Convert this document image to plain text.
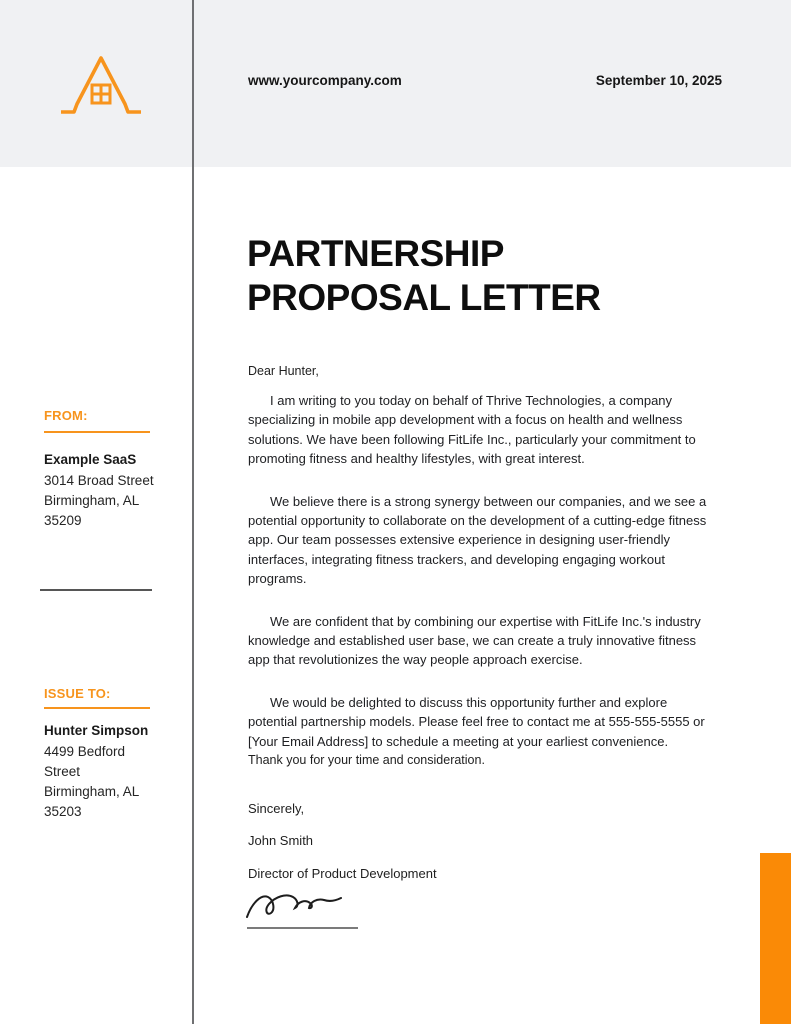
www.yourcompany.com	September 10, 2025
FROM:
Example SaaS
3014 Broad Street
Birmingham, AL
35209
ISSUE TO:
Hunter Simpson
4499 Bedford
Street
Birmingham, AL
35203
PARTNERSHIP
PROPOSAL LETTER
Dear Hunter,

I am writing to you today on behalf of Thrive Technologies, a company specializing in mobile app development with a focus on health and wellness solutions. We have been following FitLife Inc., particularly your commitment to promoting fitness and healthy lifestyles, with great interest.

We believe there is a strong synergy between our companies, and we see a potential opportunity to collaborate on the development of a cutting-edge fitness app. Our team possesses extensive experience in designing user-friendly interfaces, integrating fitness trackers, and developing engaging workout programs.

We are confident that by combining our expertise with FitLife Inc.'s industry knowledge and established user base, we can create a truly innovative fitness app that revolutionizes the way people approach exercise.

We would be delighted to discuss this opportunity further and explore potential partnership models. Please feel free to contact me at 555-555-5555 or [Your Email Address] to schedule a meeting at your earliest convenience.

Thank you for your time and consideration.
Sincerely,
John Smith
Director of Product Development
